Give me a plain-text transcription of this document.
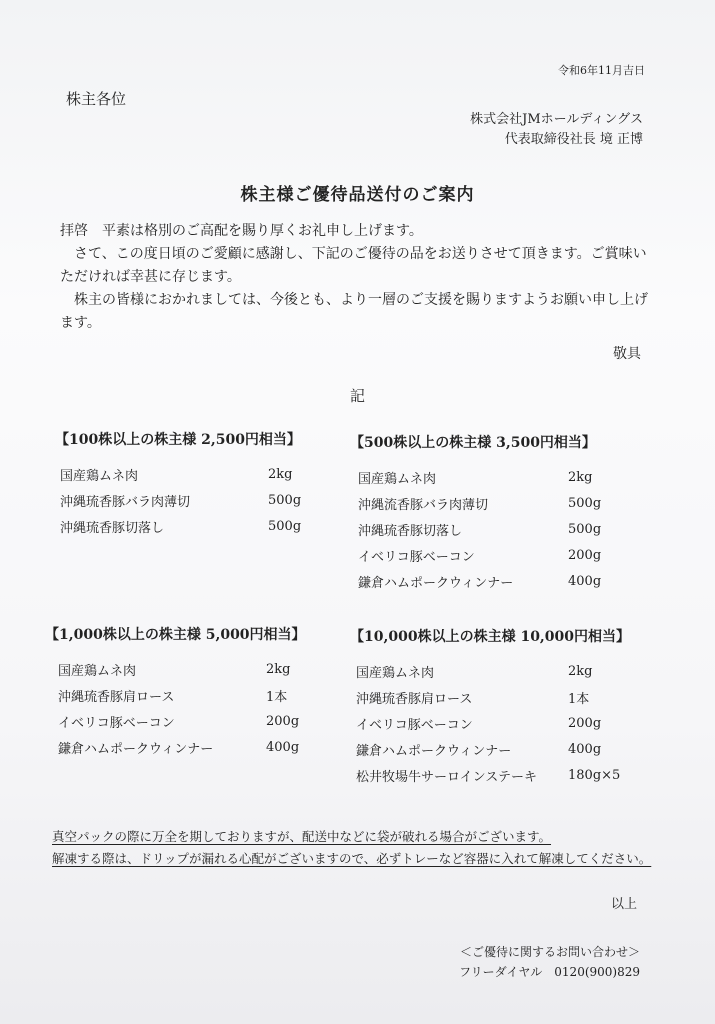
令和6年11月吉日
株主各位
株式会社JMホールディングス
代表取締役社長 境 正博
株主様ご優待品送付のご案内

拝啓　平素は格別のご高配を賜り厚くお礼申し上げます。

さて、この度日頃のご愛顧に感謝し、下記のご優待の品をお送りさせて頂きます。ご賞味いただければ幸甚に存じます。

株主の皆様におかれましては、今後とも、より一層のご支援を賜りますようお願い申し上げます。

敬具
記
【100株以上の株主様 2,500円相当】
国産鶏ムネ肉	2kg
沖縄琉香豚バラ肉薄切	500g
沖縄琉香豚切落し	500g
【500株以上の株主様 3,500円相当】
国産鶏ムネ肉	2kg
沖縄流香豚バラ肉薄切	500g
沖縄琉香豚切落し	500g
イベリコ豚ベーコン	200g
鎌倉ハムポークウィンナー	400g
【1,000株以上の株主様 5,000円相当】
国産鶏ムネ肉	2kg
沖縄琉香豚肩ロース	1本
イベリコ豚ベーコン	200g
鎌倉ハムポークウィンナー	400g
【10,000株以上の株主様 10,000円相当】
国産鶏ムネ肉	2kg
沖縄琉香豚肩ロース	1本
イベリコ豚ベーコン	200g
鎌倉ハムポークウィンナー	400g
松井牧場牛サーロインステーキ	180g×5
真空パックの際に万全を期しておりますが、配送中などに袋が破れる場合がございます。
解凍する際は、ドリップが漏れる心配がございますので、必ずトレーなど容器に入れて解凍してください。
以上
＜ご優待に関するお問い合わせ＞
フリーダイヤル　0120(900)829
